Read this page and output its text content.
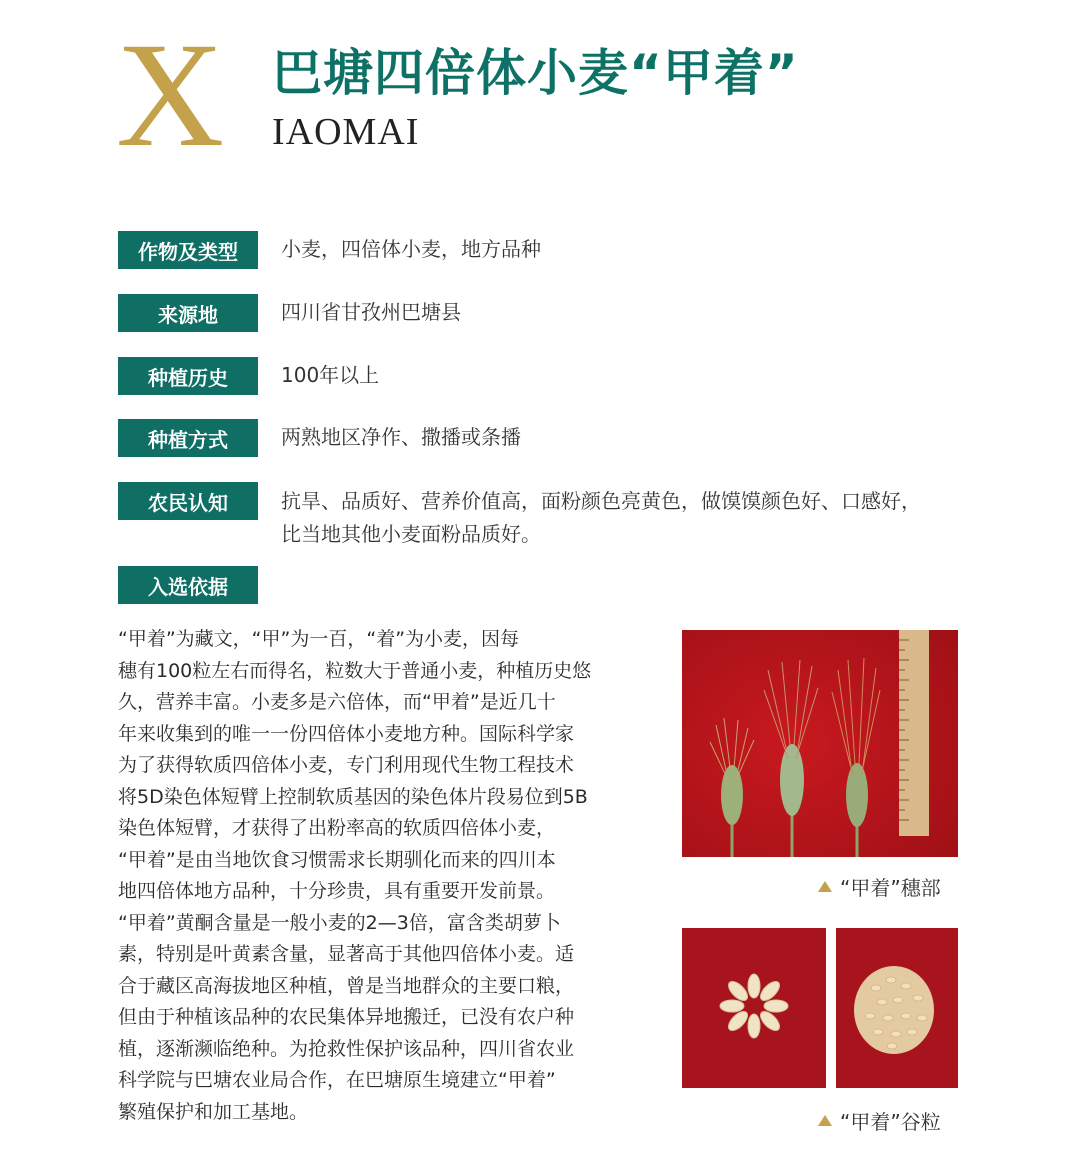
X 巴塘四倍体小麦“甲着”
IAOMAI
作物及类型	小麦，四倍体小麦，地方品种
来源地	四川省甘孜州巴塘县
种植历史	100年以上
种植方式	两熟地区净作、撒播或条播
农民认知	抗旱、品质好、营养价值高，面粉颜色亮黄色，做馍馍颜色好、口感好，
比当地其他小麦面粉品质好。
入选依据

“甲着”为藏文，“甲”为一百，“着”为小麦，因每
穗有100粒左右而得名，粒数大于普通小麦，种植历史悠
久，营养丰富。小麦多是六倍体，而“甲着”是近几十
年来收集到的唯一一份四倍体小麦地方种。国际科学家
为了获得软质四倍体小麦，专门利用现代生物工程技术
将5D染色体短臂上控制软质基因的染色体片段易位到5B
染色体短臂，才获得了出粉率高的软质四倍体小麦，
“甲着”是由当地饮食习惯需求长期驯化而来的四川本
地四倍体地方品种，十分珍贵，具有重要开发前景。
“甲着”黄酮含量是一般小麦的2—3倍，富含类胡萝卜
素，特别是叶黄素含量，显著高于其他四倍体小麦。适
合于藏区高海拔地区种植，曾是当地群众的主要口粮，
但由于种植该品种的农民集体异地搬迁，已没有农户种
植，逐渐濒临绝种。为抢救性保护该品种，四川省农业
科学院与巴塘农业局合作，在巴塘原生境建立“甲着”
繁殖保护和加工基地。

“甲着”穗部
“甲着”谷粒
